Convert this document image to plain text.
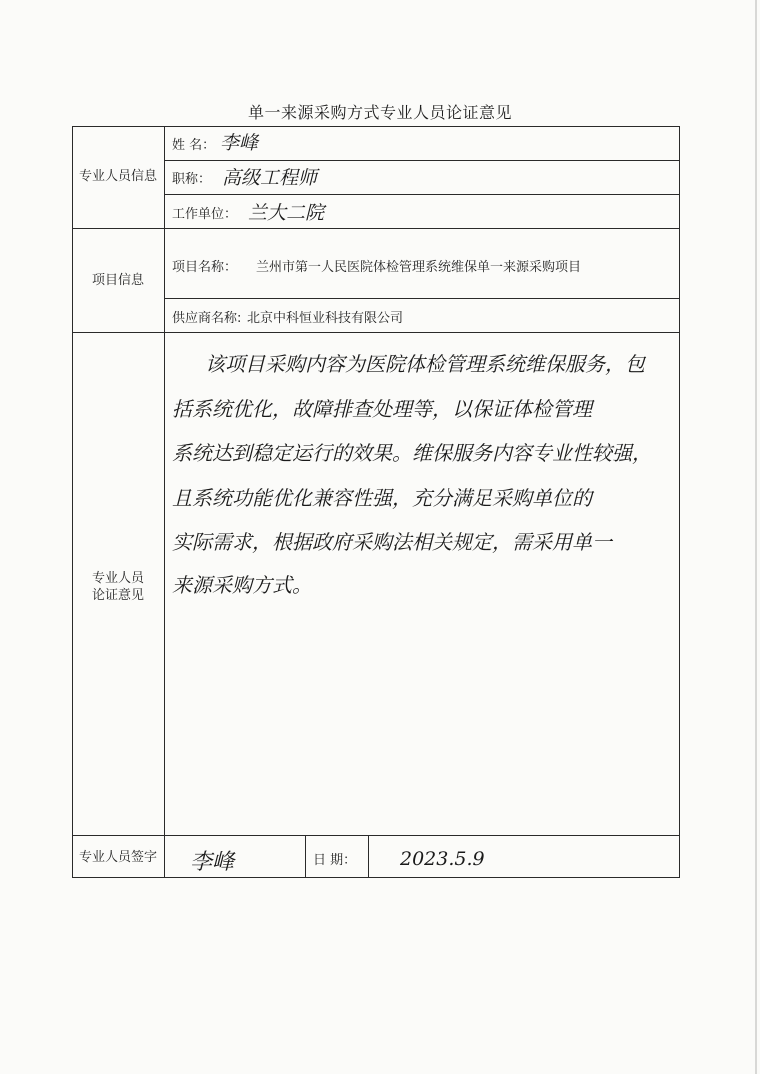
单一来源采购方式专业人员论证意见
专业人员信息
姓 名： 李峰
职称： 高级工程师
工作单位： 兰大二院
项目信息
项目名称： 兰州市第一人民医院体检管理系统维保单一来源采购项目
供应商名称: 北京中科恒业科技有限公司
专业人员
论证意见
该项目采购内容为医院体检管理系统维保服务，包
括系统优化，故障排查处理等，以保证体检管理
系统达到稳定运行的效果。维保服务内容专业性较强，
且系统功能优化兼容性强，充分满足采购单位的
实际需求，根据政府采购法相关规定，需采用单一
来源采购方式。
专业人员签字	李峰	日 期： 2023.5.9
